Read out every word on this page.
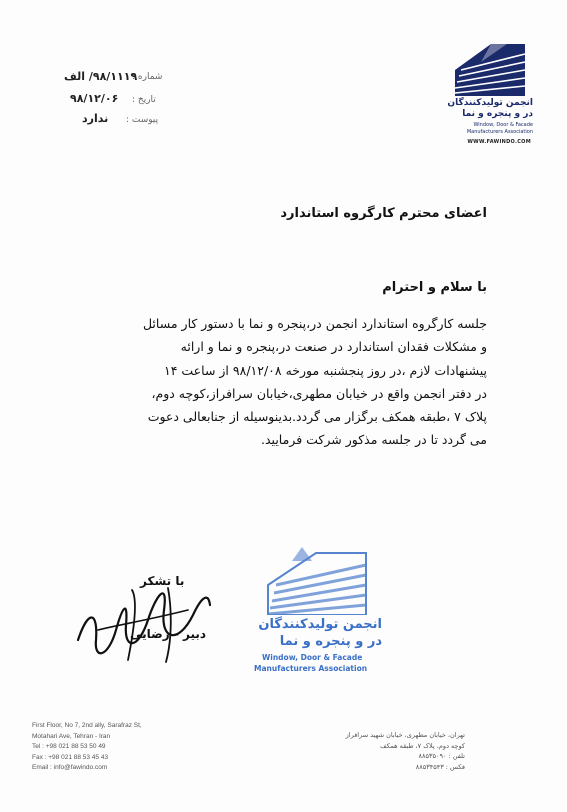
شماره :
۹۸/۱۱۱۹/ الف
تاریخ :
۹۸/۱۲/۰۶
پیوست :
ندارد
انجمن تولیدکنندگان
در و پنجره و نما
Window, Door & Facade
Manufacturers Association
WWW.FAWINDO.COM
اعضای محترم کارگروه استاندارد
با سلام و احترام
جلسه کارگروه استاندارد انجمن در،پنجره و نما با دستور کار مسائل
و مشکلات فقدان استاندارد در صنعت در،پنجره و نما و ارائه
پیشنهادات لازم ،در روز پنجشنبه مورخه ۹۸/۱۲/۰۸ از ساعت ۱۴
در دفتر انجمن واقع در خیابان مطهری،خیابان سرافراز،کوچه دوم،
پلاک ۷ ،طبقه همکف برگزار می گردد.بدینوسیله از جنابعالی دعوت
می گردد تا در جلسه مذکور شرکت فرمایید.
انجمن تولیدکنندگان
در و پنجره و نما
Window, Door & Facade
Manufacturers Association
با تشکر
دبیر - رضایی
First Floor, No 7, 2nd ally, Sarafraz St,
Motahari Ave, Tehran - Iran
Tel : +98 021 88 53 50 49
Fax : +98 021 88 53 45 43
Email : info@fawindo.com
تهران، خیابان مطهری، خیابان شهید سرافراز
کوچه دوم، پلاک ۷، طبقه همکف
تلفن : ۸۸۵۳۵۰۹۰
فکس : ۸۸۵۳۴۵۴۳
